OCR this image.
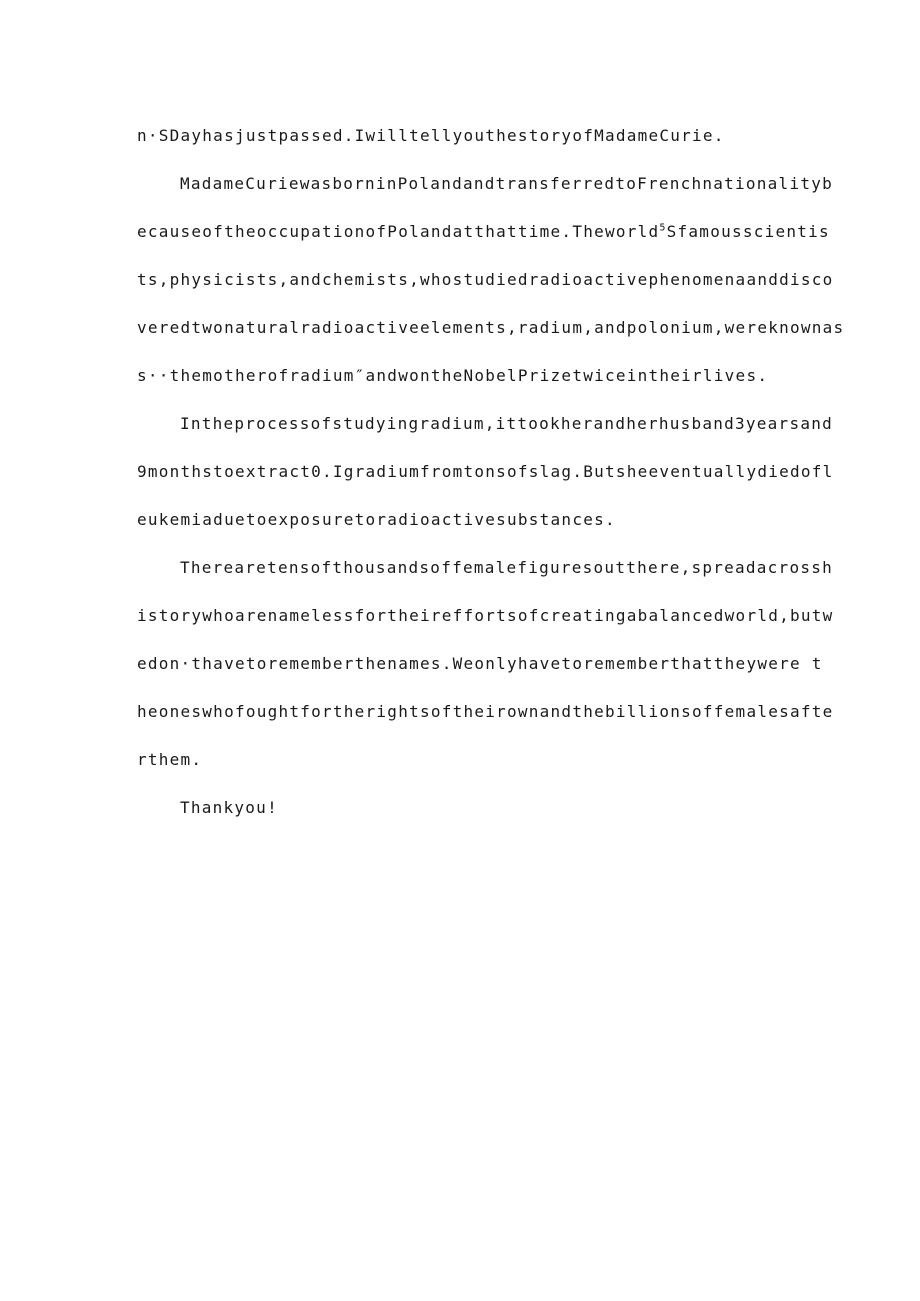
n·SDayhasjustpassed.IwilltellyouthestoryofMadameCurie.
MadameCuriewasborninPolandandtransferredtoFrenchnationalityb
ecauseoftheoccupationofPolandatthattime.Theworld$^5$Sfamousscientis
ts,physicists,andchemists,whostudiedradioactivephenomenaanddisco
veredtwonaturalradioactiveelements,radium,andpolonium,wereknownas
s··themotherofradium″andwontheNobelPrizetwiceintheirlives.
Intheprocessofstudyingradium,ittookherandherhusband3yearsand
9monthstoextract0.Igradiumfromtonsofslag.Butsheeventuallydiedofl
eukemiaduetoexposuretoradioactivesubstances.
Therearetensofthousandsoffemalefiguresoutthere,spreadacrossh
istorywhoarenamelessfortheireffortsofcreatingabalancedworld,butw
edon·thavetorememberthenames.Weonlyhavetorememberthattheywere t
heoneswhofoughtfortherightsoftheirownandthebillionsoffemalesafte
rthem.
Thankyou!
